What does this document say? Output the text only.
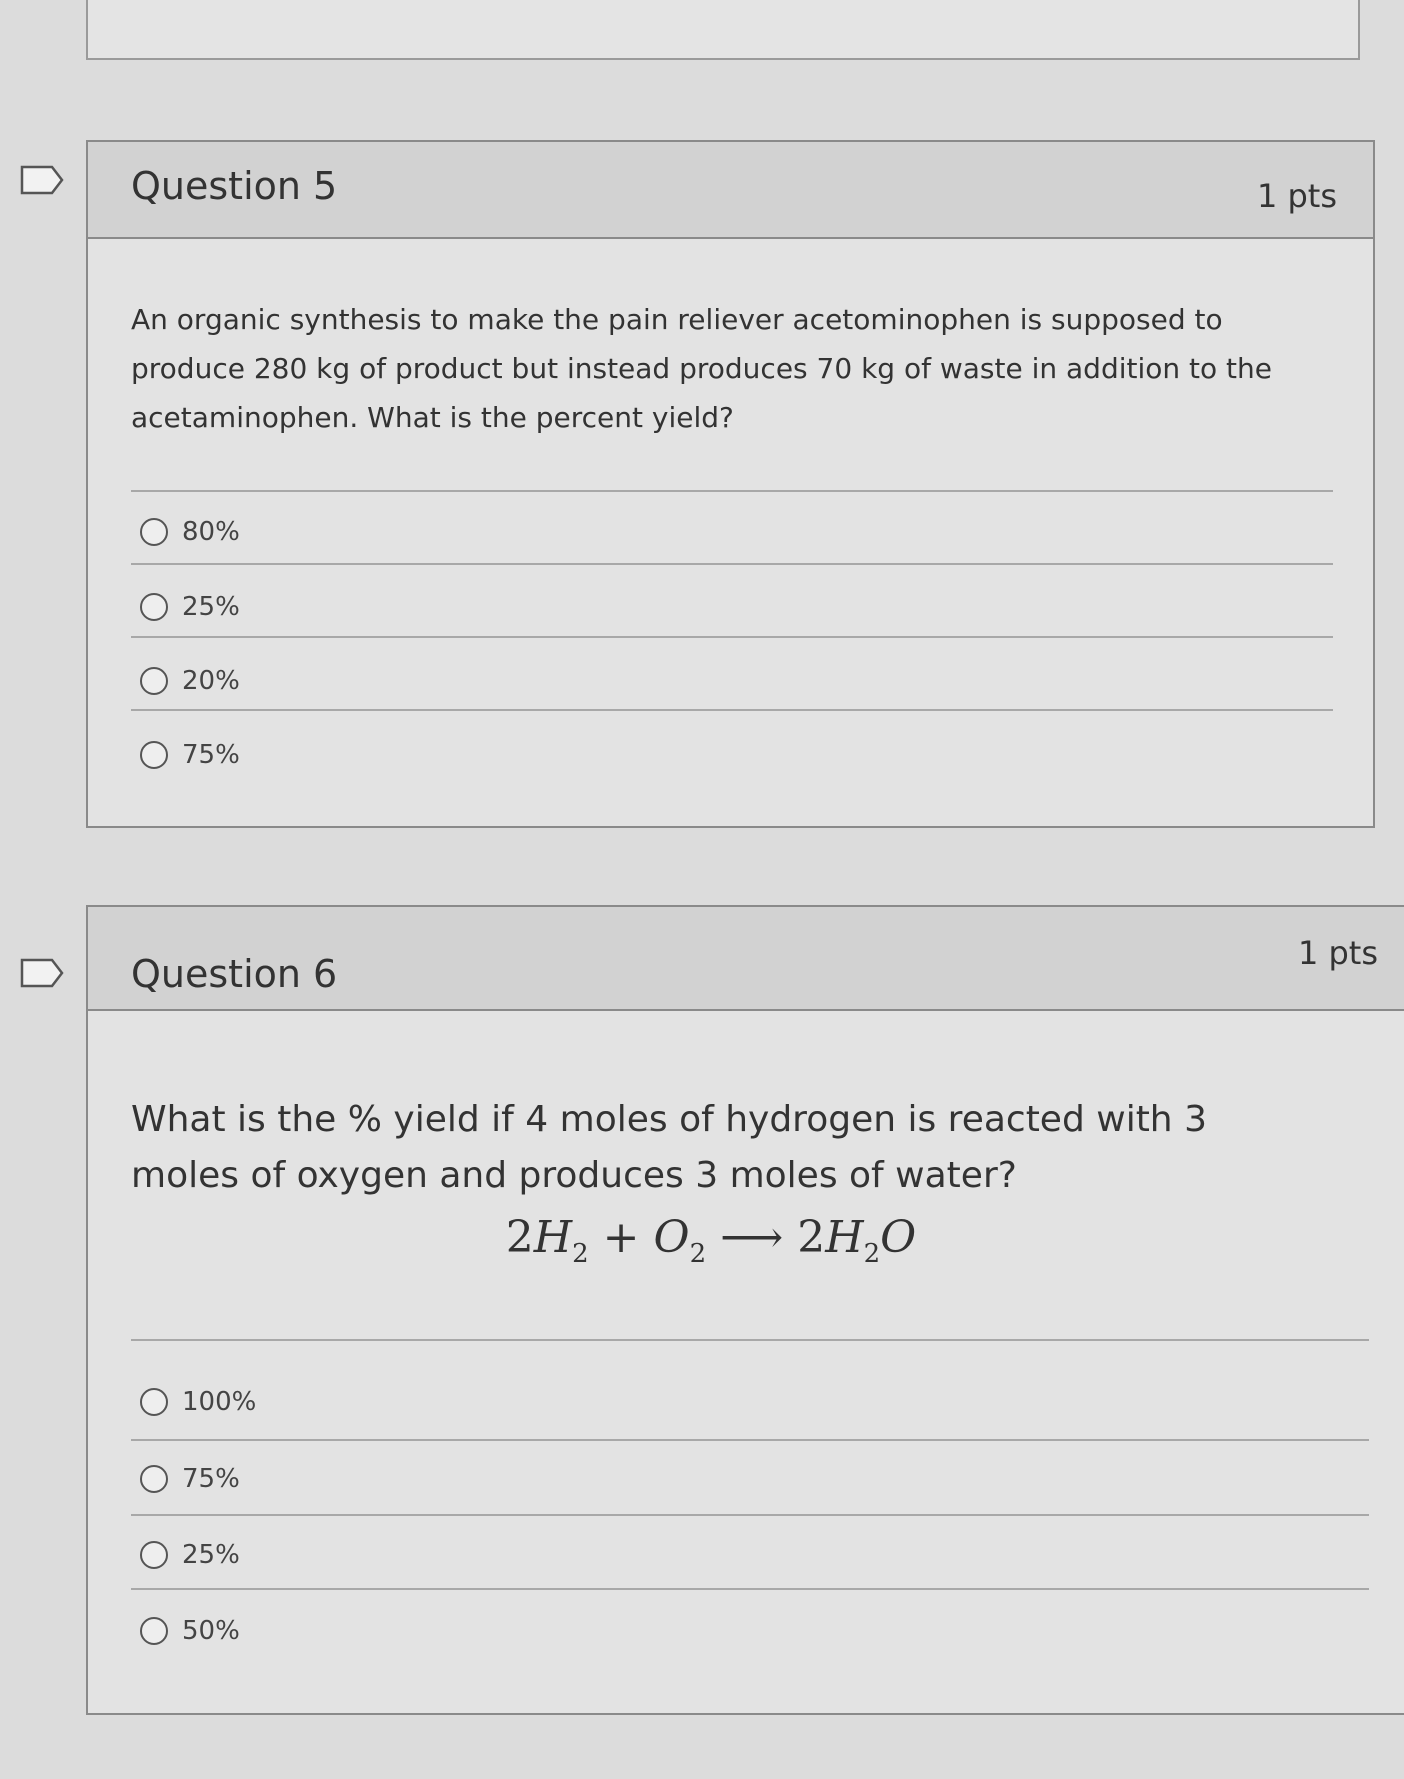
Question 5	1 pts
An organic synthesis to make the pain reliever acetominophen is supposed to produce 280 kg of product but instead produces 70 kg of waste in addition to the acetaminophen. What is the percent yield?
80%
25%
20%
75%
Question 6	1 pts
What is the % yield if 4 moles of hydrogen is reacted with 3 moles of oxygen and produces 3 moles of water?
$2H_2 + O_2$ ⟶ $2H_2O$
100%
75%
25%
50%
